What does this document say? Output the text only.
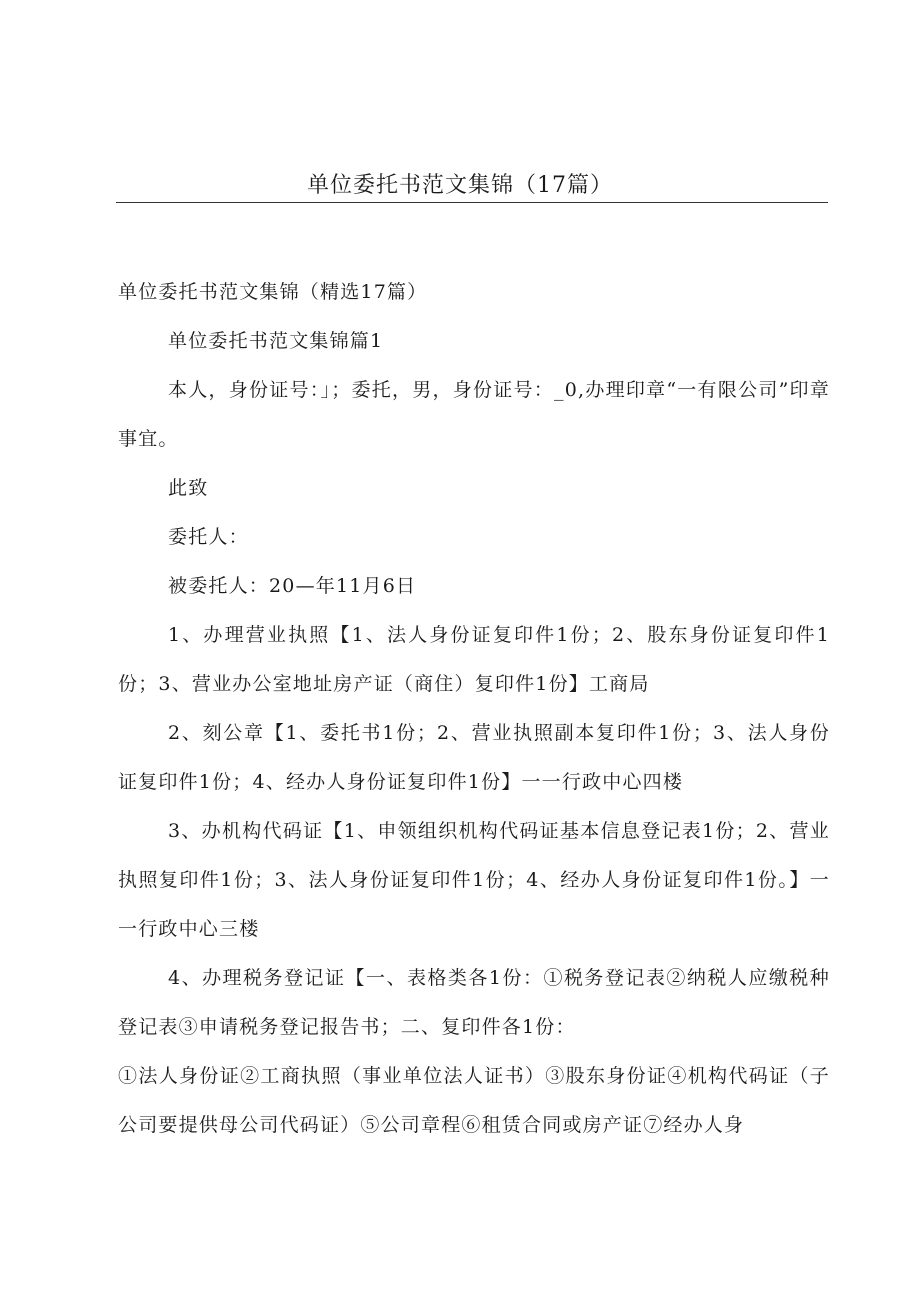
单位委托书范文集锦（17篇）

单位委托书范文集锦（精选17篇）

单位委托书范文集锦篇1

本人，身份证号：」；委托，男，身份证号：_0,办理印章“一有限公司”印章事宜。

此致

委托人：

被委托人：20—年11月6日

1、办理营业执照【1、法人身份证复印件1份；2、股东身份证复印件1份；3、营业办公室地址房产证（商住）复印件1份】工商局

2、刻公章【1、委托书1份；2、营业执照副本复印件1份；3、法人身份证复印件1份；4、经办人身份证复印件1份】一一行政中心四楼

3、办机构代码证【1、申领组织机构代码证基本信息登记表1份；2、营业执照复印件1份；3、法人身份证复印件1份；4、经办人身份证复印件1份。】一一行政中心三楼

4、办理税务登记证【一、表格类各1份：①税务登记表②纳税人应缴税种登记表③申请税务登记报告书；二、复印件各1份：

①法人身份证②工商执照（事业单位法人证书）③股东身份证④机构代码证（子公司要提供母公司代码证）⑤公司章程⑥租赁合同或房产证⑦经办人身
